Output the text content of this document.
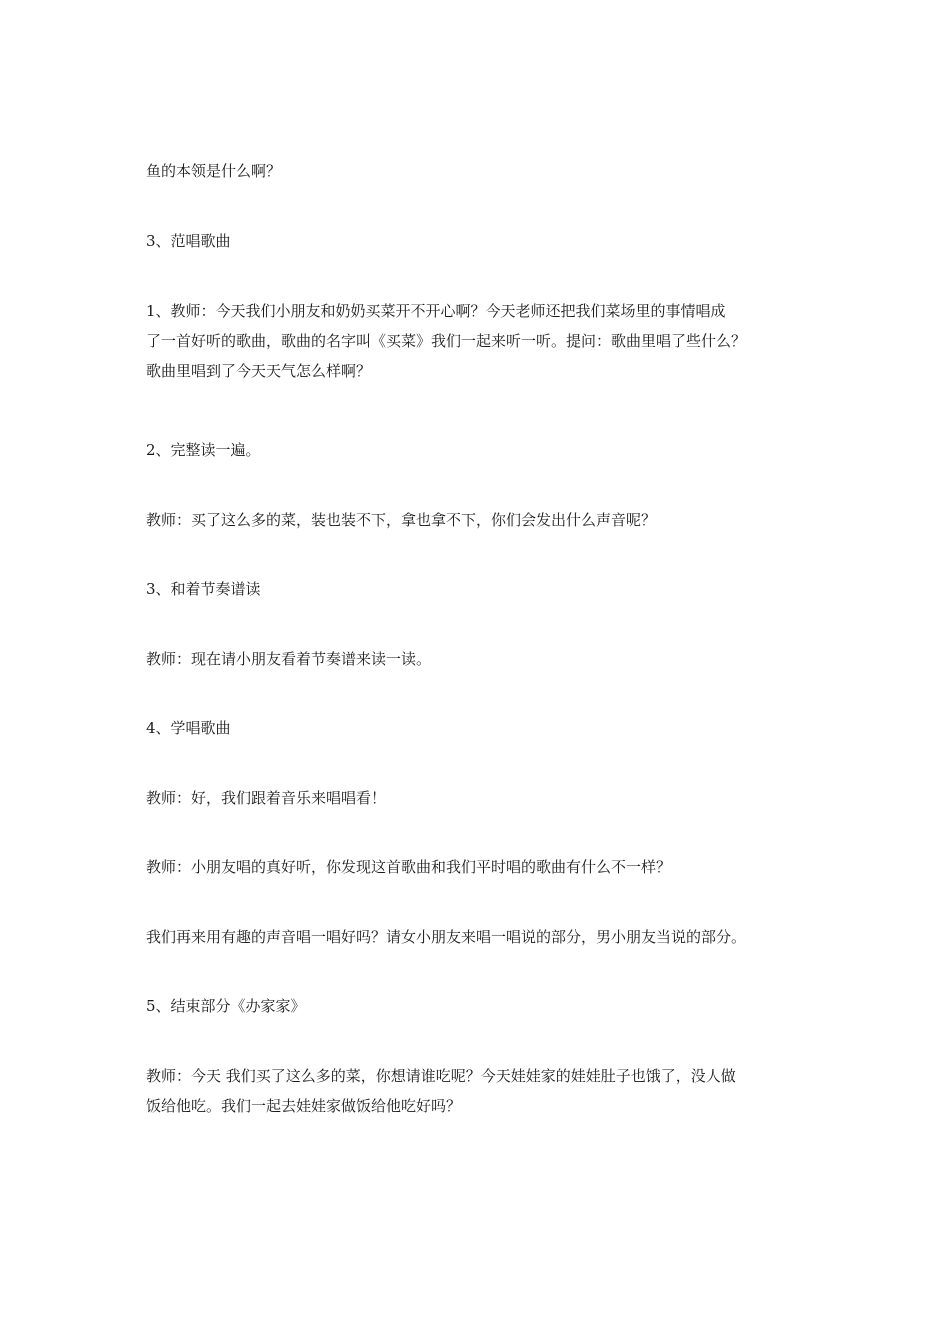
鱼的本领是什么啊？

3、范唱歌曲

1、教师：今天我们小朋友和奶奶买菜开不开心啊？今天老师还把我们菜场里的事情唱成
了一首好听的歌曲，歌曲的名字叫《买菜》我们一起来听一听。提问：歌曲里唱了些什么？
歌曲里唱到了今天天气怎么样啊？

2、完整读一遍。

教师：买了这么多的菜，装也装不下，拿也拿不下，你们会发出什么声音呢？

3、和着节奏谱读

教师：现在请小朋友看着节奏谱来读一读。

4、学唱歌曲

教师：好，我们跟着音乐来唱唱看！

教师：小朋友唱的真好听，你发现这首歌曲和我们平时唱的歌曲有什么不一样？

我们再来用有趣的声音唱一唱好吗？请女小朋友来唱一唱说的部分，男小朋友当说的部分。

5、结束部分《办家家》

教师：今天 我们买了这么多的菜，你想请谁吃呢？今天娃娃家的娃娃肚子也饿了，没人做
饭给他吃。我们一起去娃娃家做饭给他吃好吗？
